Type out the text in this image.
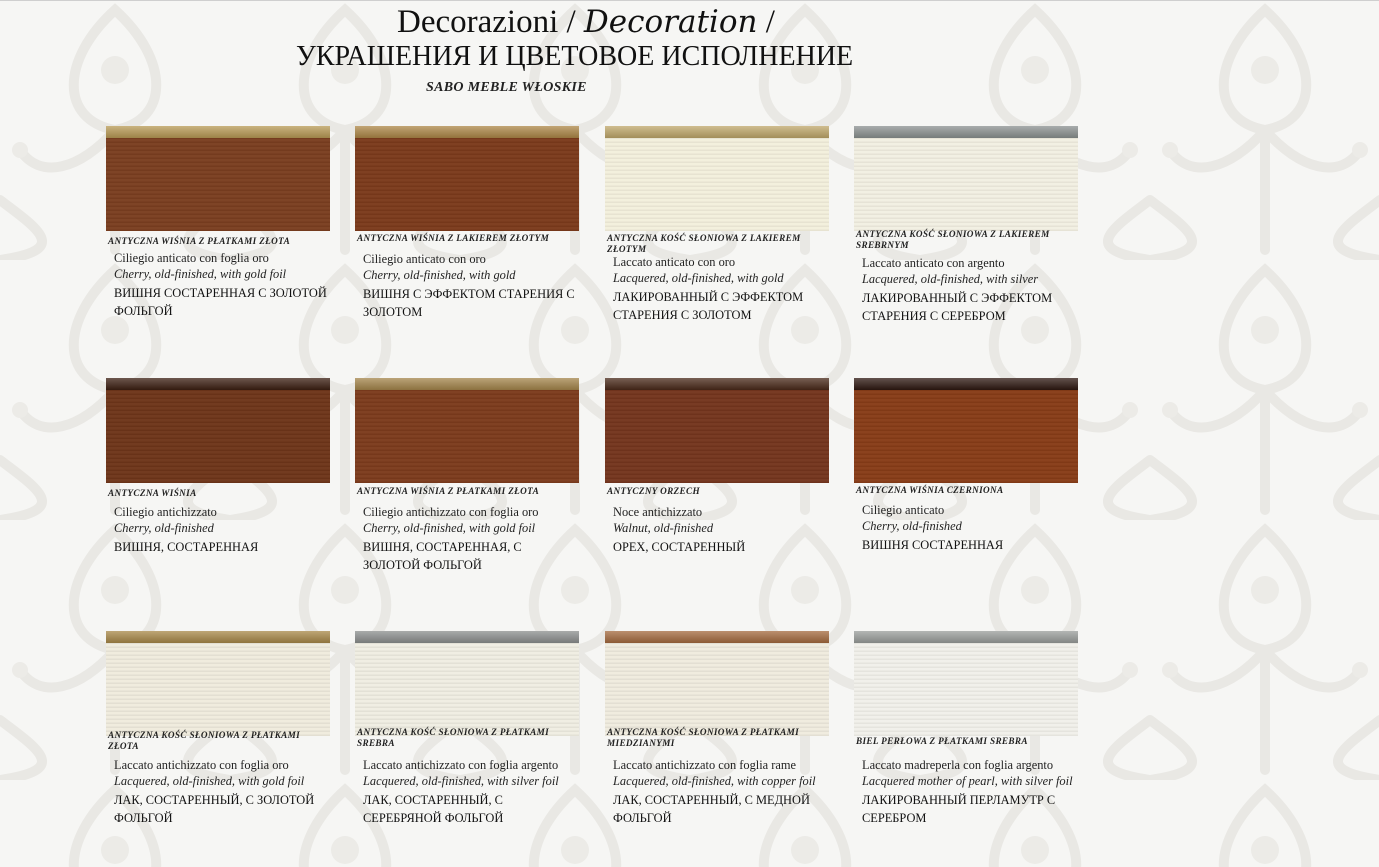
Decorazioni / Decoration /
УКРАШЕНИЯ И ЦВЕТОВОЕ ИСПОЛНЕНИЕ
SABO MEBLE WŁOSKIE
ANTYCZNA WIŚNIA Z PŁATKAMI ZŁOTA
Ciliegio anticato con foglia oro
Cherry, old-finished, with gold foil
ВИШНЯ СОСТАРЕННАЯ С ЗОЛОТОЙ ФОЛЬГОЙ
ANTYCZNA WIŚNIA Z LAKIEREM ZŁOTYM
Ciliegio anticato con oro
Cherry, old-finished, with gold
ВИШНЯ С ЭФФЕКТОМ СТАРЕНИЯ С ЗОЛОТОМ
ANTYCZNA KOŚĆ SŁONIOWA Z LAKIEREM ZŁOTYM
Laccato anticato con oro
Lacquered, old-finished, with gold
ЛАКИРОВАННЫЙ С ЭФФЕКТОМ СТАРЕНИЯ С ЗОЛОТОМ
ANTYCZNA KOŚĆ SŁONIOWA Z LAKIEREM SREBRNYM
Laccato anticato con argento
Lacquered, old-finished, with silver
ЛАКИРОВАННЫЙ С ЭФФЕКТОМ СТАРЕНИЯ С СЕРЕБРОМ
ANTYCZNA WIŚNIA
Ciliegio antichizzato
Cherry, old-finished
ВИШНЯ, СОСТАРЕННАЯ
ANTYCZNA WIŚNIA Z PŁATKAMI ZŁOTA
Ciliegio antichizzato con foglia oro
Cherry, old-finished, with gold foil
ВИШНЯ, СОСТАРЕННАЯ, С ЗОЛОТОЙ ФОЛЬГОЙ
ANTYCZNY ORZECH
Noce antichizzato
Walnut, old-finished
ОРЕХ, СОСТАРЕННЫЙ
ANTYCZNA WIŚNIA CZERNIONA
Ciliegio anticato
Cherry, old-finished
ВИШНЯ СОСТАРЕННАЯ
ANTYCZNA KOŚĆ SŁONIOWA Z PŁATKAMI ZŁOTA
Laccato antichizzato con foglia oro
Lacquered, old-finished, with gold foil
ЛАК, СОСТАРЕННЫЙ, С ЗОЛОТОЙ ФОЛЬГОЙ
ANTYCZNA KOŚĆ SŁONIOWA Z PŁATKAMI SREBRA
Laccato antichizzato con foglia argento
Lacquered, old-finished, with silver foil
ЛАК, СОСТАРЕННЫЙ, С СЕРЕБРЯНОЙ ФОЛЬГОЙ
ANTYCZNA KOŚĆ SŁONIOWA Z PŁATKAMI MIEDZIANYMI
Laccato antichizzato con foglia rame
Lacquered, old-finished, with copper foil
ЛАК, СОСТАРЕННЫЙ, С МЕДНОЙ ФОЛЬГОЙ
BIEL PERŁOWA Z PŁATKAMI SREBRA
Laccato madreperla con foglia argento
Lacquered mother of pearl, with silver foil
ЛАКИРОВАННЫЙ ПЕРЛАМУТР С СЕРЕБРОМ
